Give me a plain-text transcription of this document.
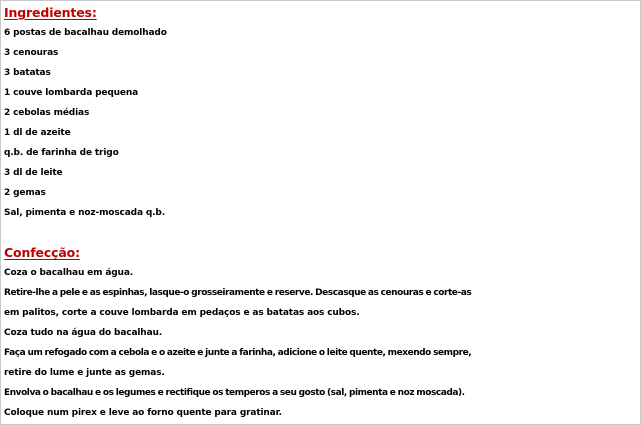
Ingredientes:
6 postas de bacalhau demolhado
3 cenouras
3 batatas
1 couve lombarda pequena
2 cebolas médias
1 dl de azeite
q.b. de farinha de trigo
3 dl de leite
2 gemas
Sal, pimenta e noz-moscada q.b.
Confecção:
Coza o bacalhau em água.
Retire-lhe a pele e as espinhas, lasque-o grosseiramente e reserve. Descasque as cenouras e corte-as
em palitos, corte a couve lombarda em pedaços e as batatas aos cubos.
Coza tudo na água do bacalhau.
Faça um refogado com a cebola e o azeite e junte a farinha, adicione o leite quente, mexendo sempre,
retire do lume e junte as gemas.
Envolva o bacalhau e os legumes e rectifique os temperos a seu gosto (sal, pimenta e noz moscada).
Coloque num pirex e leve ao forno quente para gratinar.
